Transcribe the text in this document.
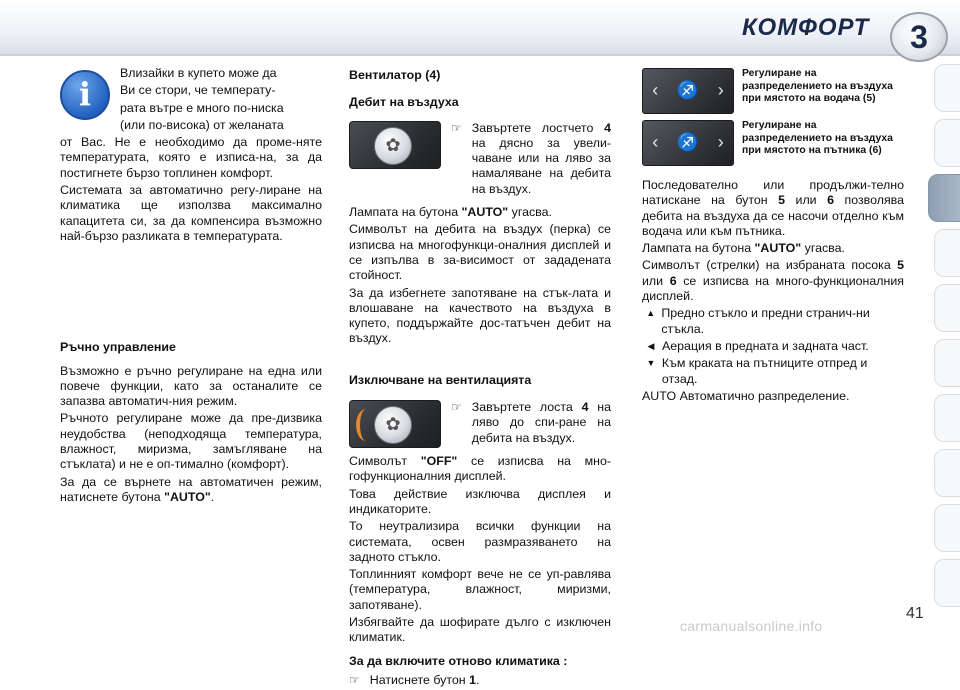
КОМФОРТ	3
i

Влизайки в купето може да

Ви се стори, че температу-

рата вътре е много по-ниска

(или по-висока) от желаната

от Вас. Не е необходимо да проме-няте температурата, която е изписа-на, за да постигнете бързо топлинен комфорт.

Системата за автоматично регу-лиране на климатика ще използва максимално капацитета си, за да компенсира възможно най-бързо разликата в температурата.

Ръчно управление

Възможно е ръчно регулиране на една или повече функции, като за останалите се запазва автоматич-ния режим.

Ръчното регулиране може да пре-дизвика неудобства (неподходяща температура, влажност, миризма, замъгляване на стъклата) и не е оп-тимално (комфорт).

За да се върнете на автоматичен режим, натиснете бутона "AUTO".

Вентилатор (4)
Дебит на въздуха
✿
☞ Завъртете лостчето 4 на дясно за увели-чаване или на ляво за намаляване на дебита на въздух.

Лампата на бутона "AUTO" угасва.

Символът на дебита на въздух (перка) се изписва на многофункци-оналния дисплей и се изпълва в за-висимост от зададената стойност.

За да избегнете запотяване на стък-лата и влошаване на качеството на въздуха в купето, поддържайте дос-татъчен дебит на въздух.

Изключване на вентилацията
✿
☞ Завъртете лоста 4 на ляво до спи-ране на дебита на въздух.

Символът "OFF" се изписва на мно-гофункционалния дисплей.

Това действие изключва дисплея и индикаторите.

То неутрализира всички функции на системата, освен размразяването на задното стъкло.

Топлинният комфорт вече не се уп-равлява (температура, влажност, миризми, запотяване).

Избягвайте да шофирате дълго с изключен климатик.

За да включите отново климатика :
☞ Натиснете бутон 1.

‹ ♐ ›
Регулиране на разпределението на въздуха при мястото на водача (5)
‹ ♐ ›
Регулиране на разпределението на въздуха при мястото на пътника (6)

Последователно или продължи-телно натискане на бутон 5 или 6 позволява дебита на въздуха да се насочи отделно към водача или към пътника.

Лампата на бутона "AUTO" угасва.

Символът (стрелки) на избраната посока 5 или 6 се изписва на много-функционалния дисплей.

▲ Предно стъкло и предни странич-ни стъкла.
◀ Аерация в предната и задната част.
▼ Към краката на пътниците отпред и отзад.

AUTO Автоматично разпределение.

41
carmanualsonline.info
